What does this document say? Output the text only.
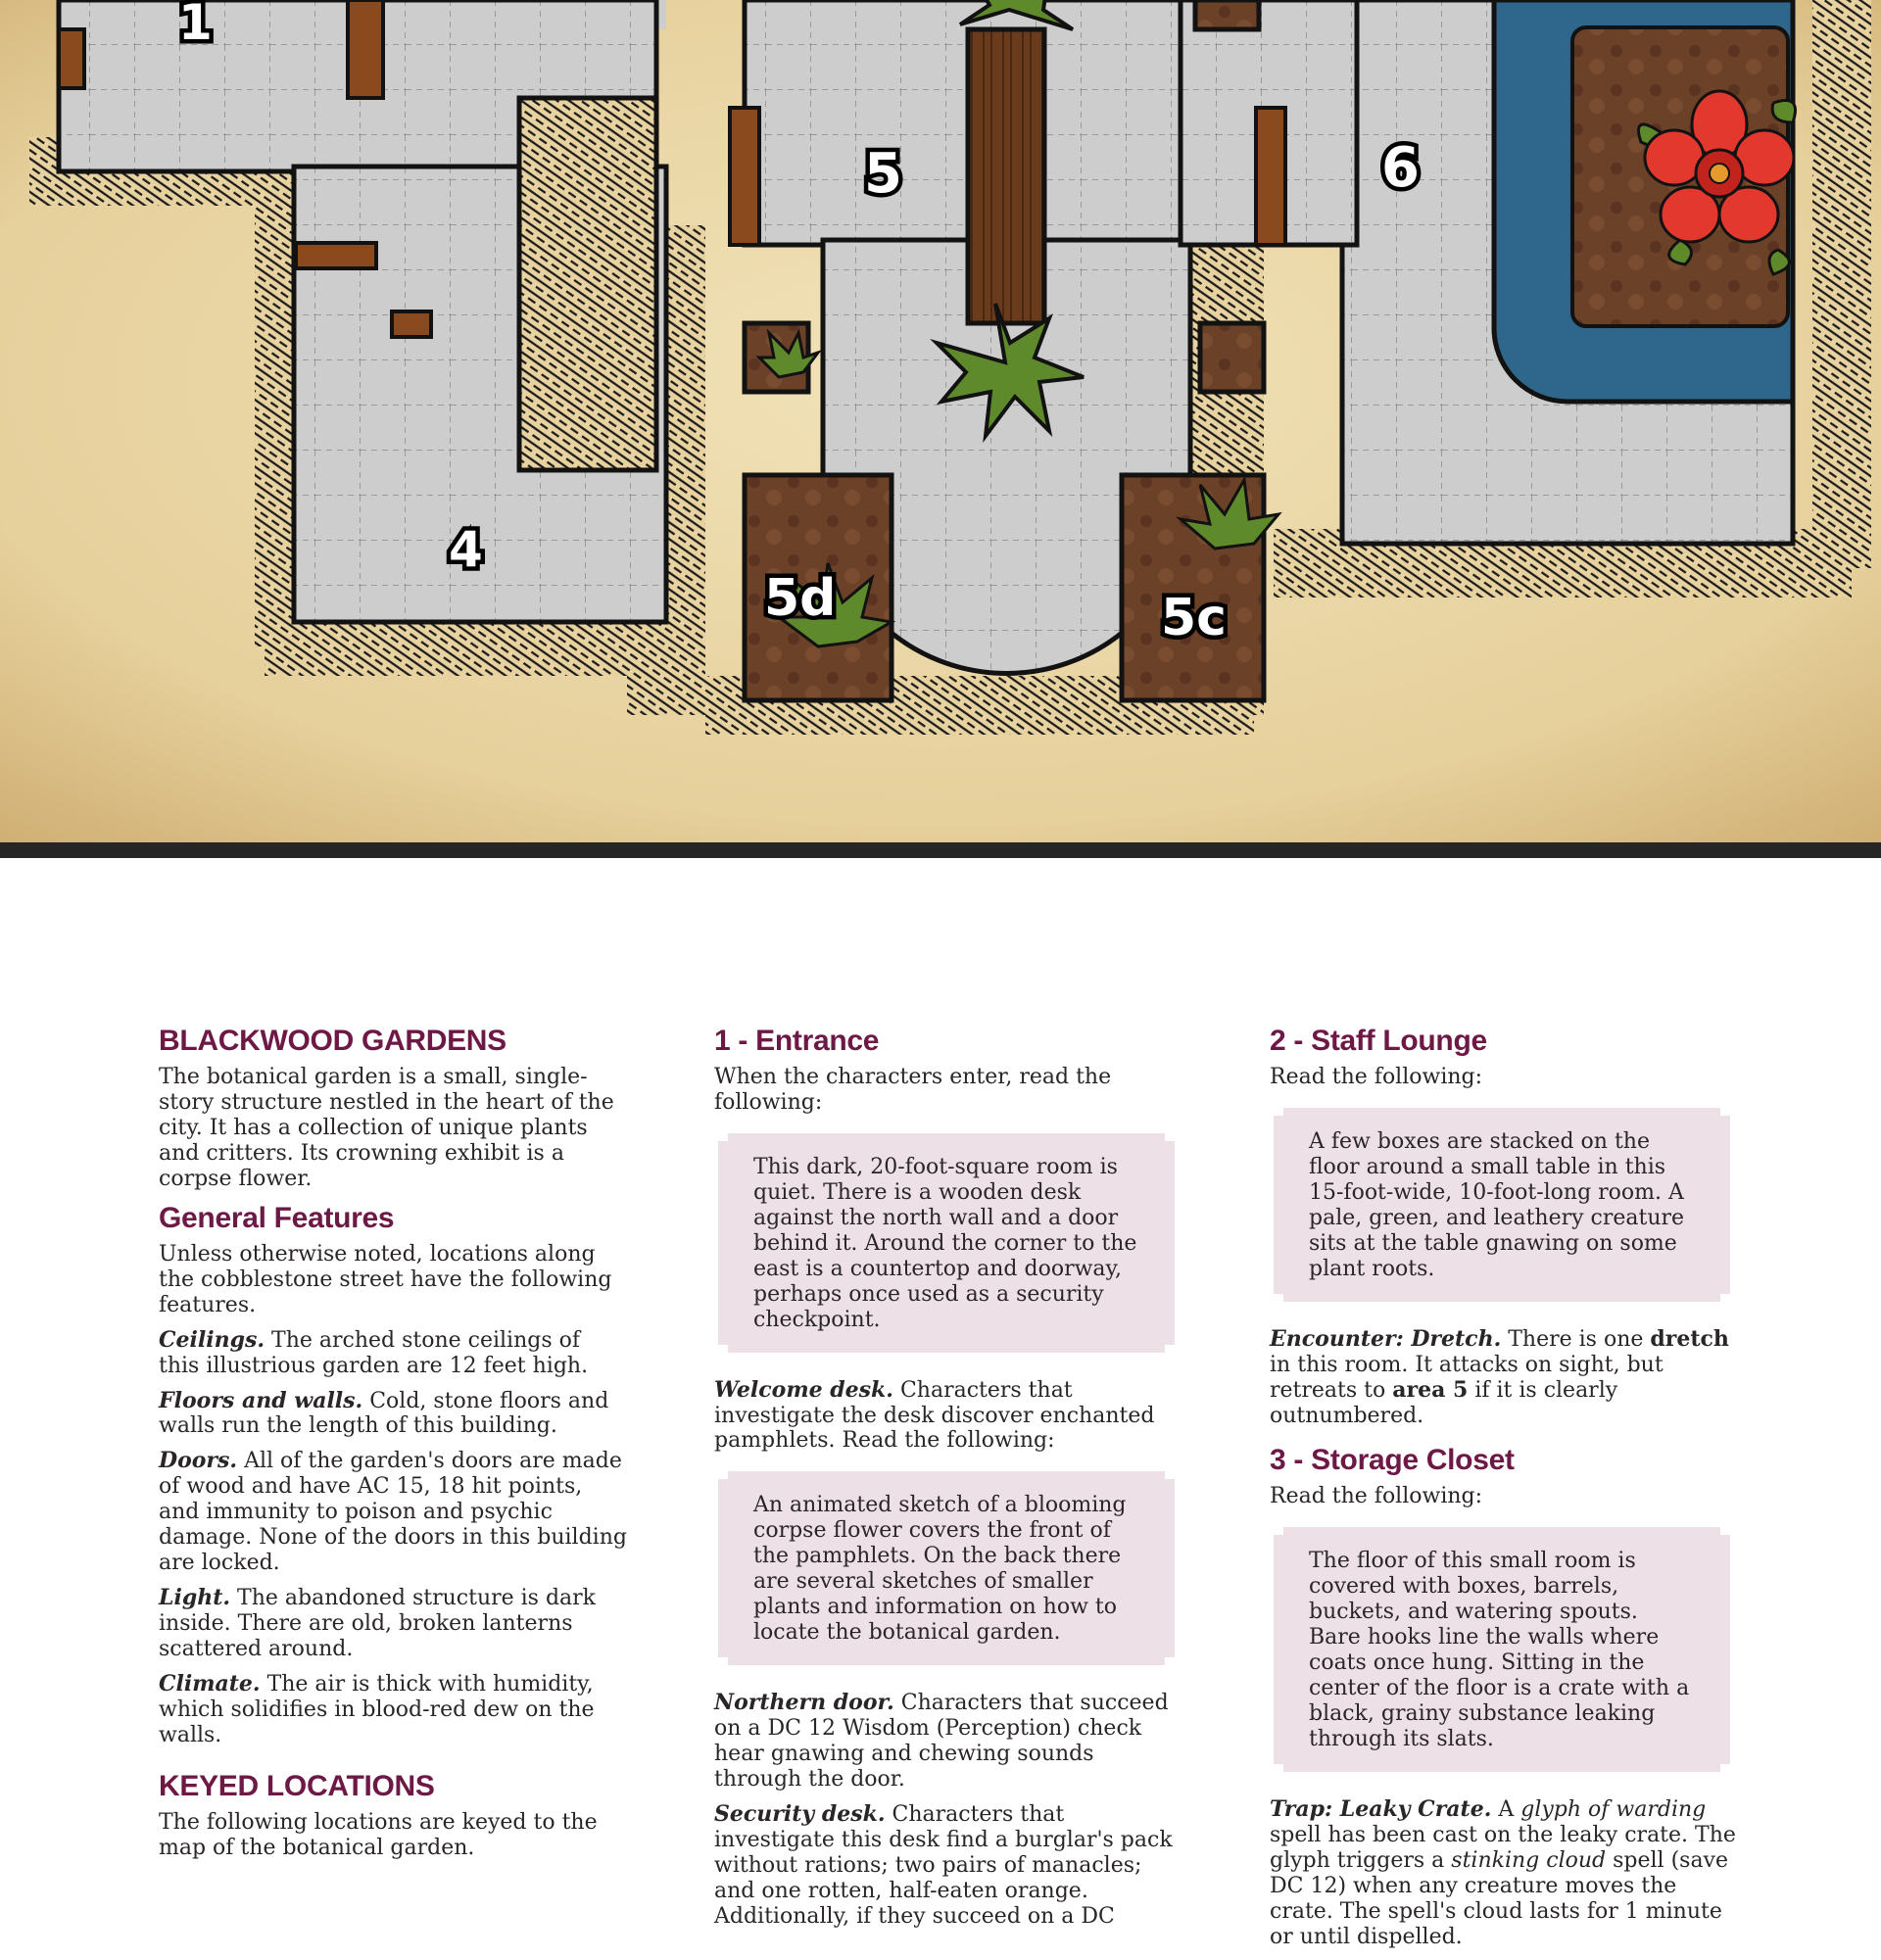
1
4
5
5d	5c
6
BLACKWOOD GARDENS

The botanical garden is a small, single-story structure nestled in the heart of the city. It has a collection of unique plants and critters. Its crowning exhibit is a corpse flower.

General Features

Unless otherwise noted, locations along the cobblestone street have the following features.

Ceilings. The arched stone ceilings of this illustrious garden are 12 feet high.

Floors and walls. Cold, stone floors and walls run the length of this building.

Doors. All of the garden's doors are made of wood and have AC 15, 18 hit points, and immunity to poison and psychic damage. None of the doors in this building are locked.

Light. The abandoned structure is dark inside. There are old, broken lanterns scattered around.

Climate. The air is thick with humidity, which solidifies in blood-red dew on the walls.

KEYED LOCATIONS

The following locations are keyed to the map of the botanical garden.

1 - Entrance

When the characters enter, read the following:

This dark, 20-foot-square room is quiet. There is a wooden desk against the north wall and a door behind it. Around the corner to the east is a countertop and doorway, perhaps once used as a security checkpoint.

Welcome desk. Characters that investigate the desk discover enchanted pamphlets. Read the following:

An animated sketch of a blooming corpse flower covers the front of the pamphlets. On the back there are several sketches of smaller plants and information on how to locate the botanical garden.

Northern door. Characters that succeed on a DC 12 Wisdom (Perception) check hear gnawing and chewing sounds through the door.

Security desk. Characters that investigate this desk find a burglar's pack without rations; two pairs of manacles; and one rotten, half-eaten orange. Additionally, if they succeed on a DC

2 - Staff Lounge

Read the following:

A few boxes are stacked on the floor around a small table in this 15-foot-wide, 10-foot-long room. A pale, green, and leathery creature sits at the table gnawing on some plant roots.

Encounter: Dretch. There is one dretch in this room. It attacks on sight, but retreats to area 5 if it is clearly outnumbered.

3 - Storage Closet

Read the following:

The floor of this small room is covered with boxes, barrels, buckets, and watering spouts. Bare hooks line the walls where coats once hung. Sitting in the center of the floor is a crate with a black, grainy substance leaking through its slats.

Trap: Leaky Crate. A glyph of warding spell has been cast on the leaky crate. The glyph triggers a stinking cloud spell (save DC 12) when any creature moves the crate. The spell's cloud lasts for 1 minute or until dispelled.
